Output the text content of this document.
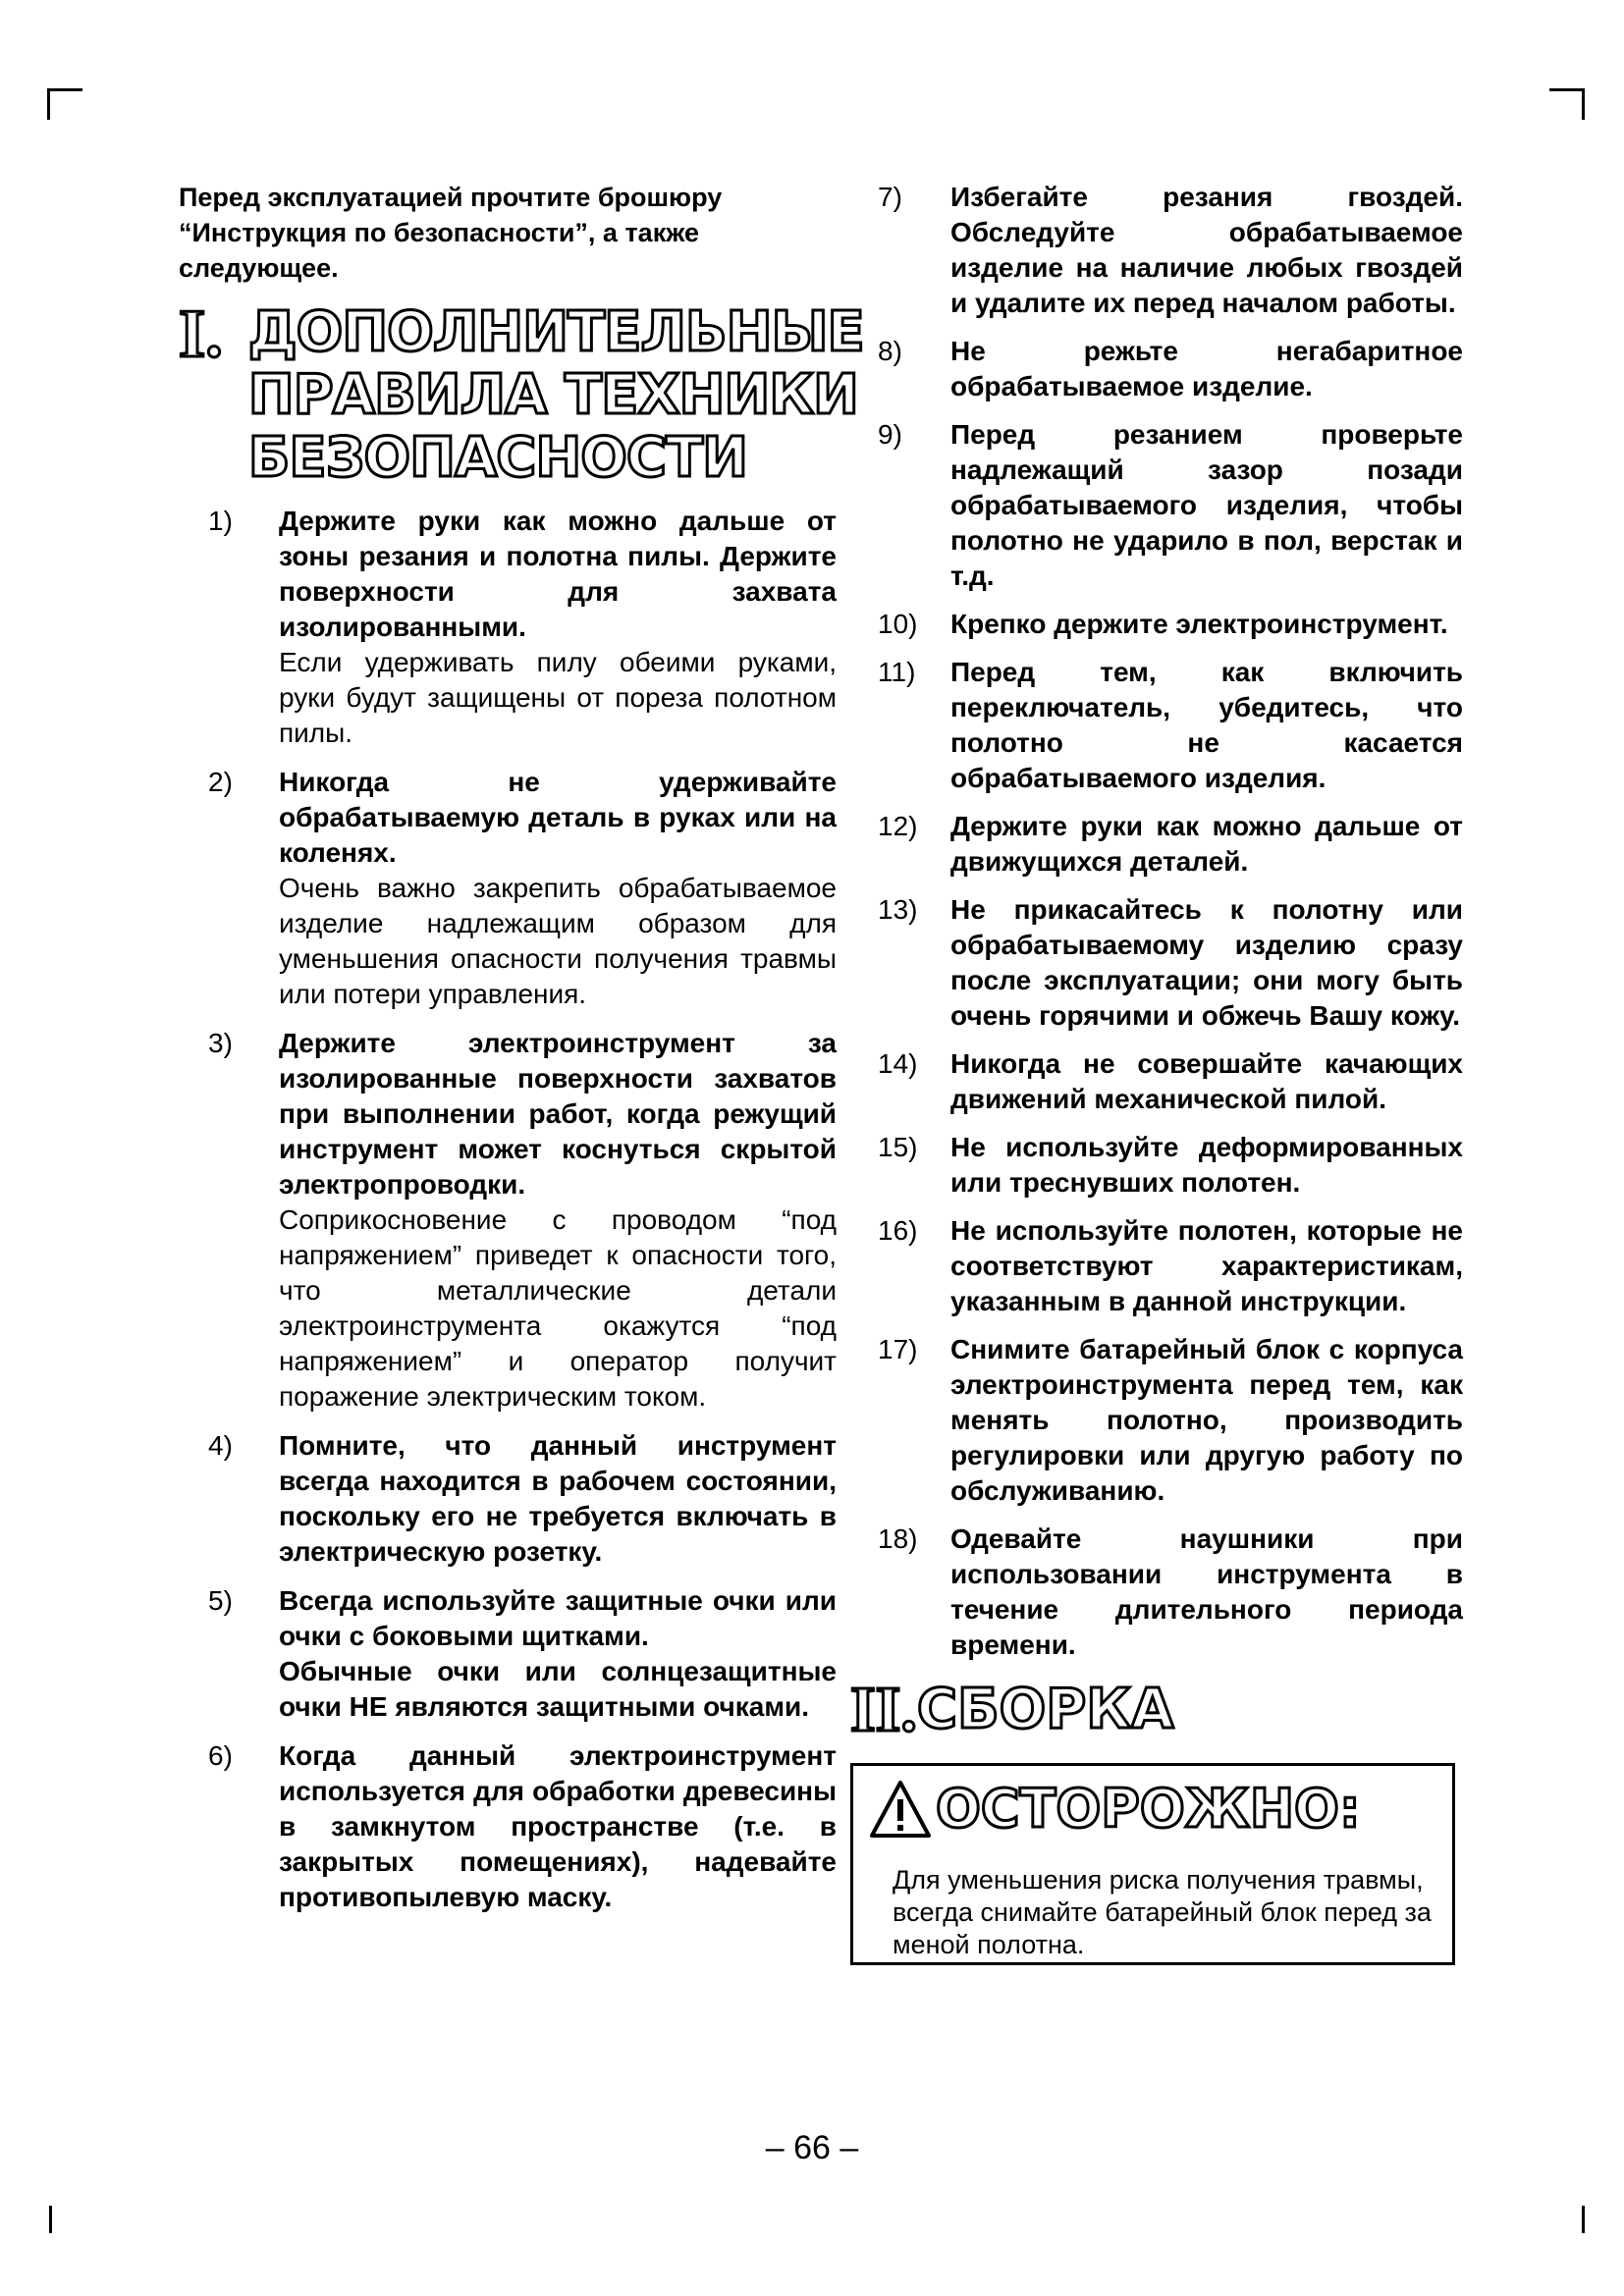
Перед эксплуатацией прочтите брошюру “Инструкция по безопасности”, а также следующее.

I. ДОПОЛНИТЕЛЬНЫЕ
ПРАВИЛА ТЕХНИКИ
БЕЗОПАСНОСТИ
1) Держите руки как можно дальше от зоны резания и полотна пилы. Держите поверхности для захвата изолированными.
Если удерживать пилу обеими руками, руки будут защищены от пореза полотном пилы.
2) Никогда не удерживайте обрабатываемую деталь в руках или на коленях.
Очень важно закрепить обрабатываемое изделие надлежащим образом для уменьшения опасности получения травмы или потери управления.
3) Держите электроинструмент за изолированные поверхности захватов при выполнении работ, когда режущий инструмент может коснуться скрытой электропроводки.
Соприкосновение с проводом “под напряжением” приведет к опасности того, что металлические детали электроинструмента окажутся “под напряжением” и оператор получит поражение электрическим током.
4) Помните, что данный инструмент всегда находится в рабочем состоянии, поскольку его не требуется включать в электрическую розетку.
5) Всегда используйте защитные очки или очки с боковыми щитками.
Обычные очки или солнцезащитные очки НЕ являются защитными очками.
6) Когда данный электроинструмент используется для обработки древесины в замкнутом пространстве (т.е. в закрытых помещениях), надевайте противопылевую маску.
7) Избегайте резания гвоздей. Обследуйте обрабатываемое изделие на наличие любых гвоздей и удалите их перед началом работы.
8) Не режьте негабаритное обрабатываемое изделие.
9) Перед резанием проверьте надлежащий зазор позади обрабатываемого изделия, чтобы полотно не ударило в пол, верстак и т.д.
10) Крепко держите электроинструмент.
11) Перед тем, как включить переключатель, убедитесь, что полотно не касается обрабатываемого изделия.
12) Держите руки как можно дальше от движущихся деталей.
13) Не прикасайтесь к полотну или обрабатываемому изделию сразу после эксплуатации; они могу быть очень горячими и обжечь Вашу кожу.
14) Никогда не совершайте качающих движений механической пилой.
15) Не используйте деформированных или треснувших полотен.
16) Не используйте полотен, которые не соответствуют характеристикам, указанным в данной инструкции.
17) Снимите батарейный блок с корпуса электроинструмента перед тем, как менять полотно, производить регулировки или другую работу по обслуживанию.
18) Одевайте наушники при использовании инструмента в течение длительного периода времени.
II. СБОРКА
ОСТОРОЖНО:
Для уменьшения риска получения травмы, всегда снимайте батарейный блок перед заменой полотна.
– 66 –
